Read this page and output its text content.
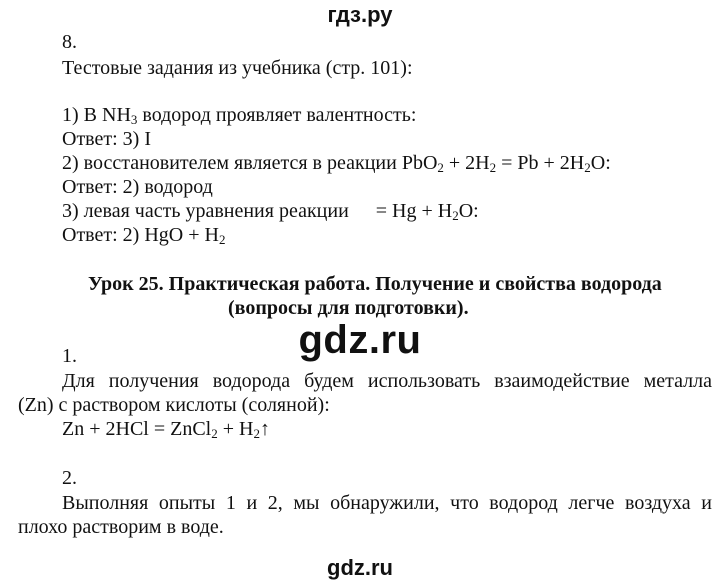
гдз.ру
8.
Тестовые задания из учебника (стр. 101):
1) В $NH_3$ водород проявляет валентность:
Ответ: 3) I
2) восстановителем является в реакции $PbO_2 + 2H_2 = Pb + 2H_2O$:
Ответ: 2) водород
3) левая часть уравнения реакции = $Hg + H_2O$:
Ответ: 2) HgO + $H_2$
Урок 25. Практическая работа. Получение и свойства водорода
(вопросы для подготовки).
gdz.ru
1.
Для получения водорода будем использовать взаимодействие металла
(Zn) с раствором кислоты (соляной):
Zn + 2HCl = ZnCl$_2$ + $H_2↑$
2.
Выполняя опыты 1 и 2, мы обнаружили, что водород легче воздуха и
плохо растворим в воде.
gdz.ru
